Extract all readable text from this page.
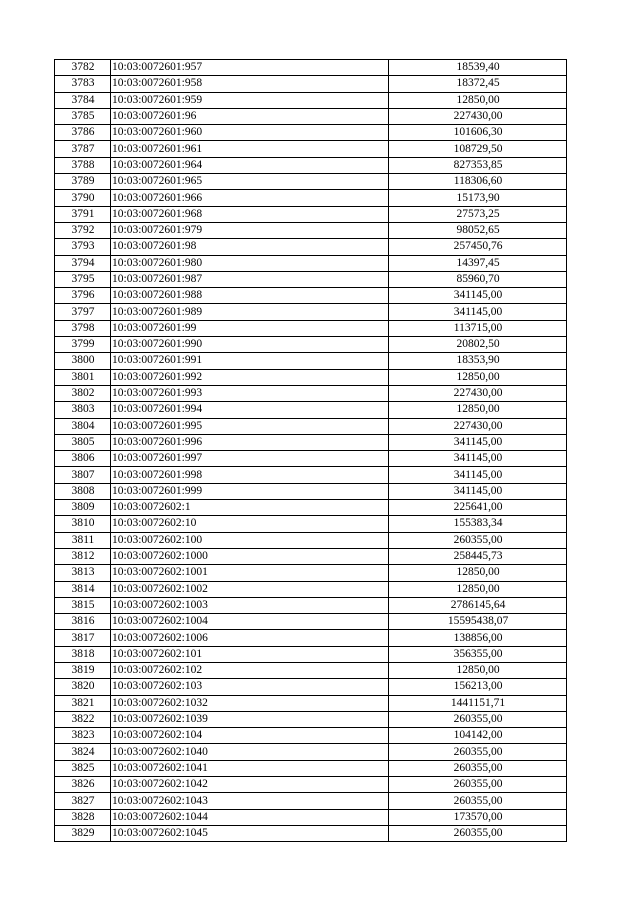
3782	10:03:0072601:957	18539,40
3783	10:03:0072601:958	18372,45
3784	10:03:0072601:959	12850,00
3785	10:03:0072601:96	227430,00
3786	10:03:0072601:960	101606,30
3787	10:03:0072601:961	108729,50
3788	10:03:0072601:964	827353,85
3789	10:03:0072601:965	118306,60
3790	10:03:0072601:966	15173,90
3791	10:03:0072601:968	27573,25
3792	10:03:0072601:979	98052,65
3793	10:03:0072601:98	257450,76
3794	10:03:0072601:980	14397,45
3795	10:03:0072601:987	85960,70
3796	10:03:0072601:988	341145,00
3797	10:03:0072601:989	341145,00
3798	10:03:0072601:99	113715,00
3799	10:03:0072601:990	20802,50
3800	10:03:0072601:991	18353,90
3801	10:03:0072601:992	12850,00
3802	10:03:0072601:993	227430,00
3803	10:03:0072601:994	12850,00
3804	10:03:0072601:995	227430,00
3805	10:03:0072601:996	341145,00
3806	10:03:0072601:997	341145,00
3807	10:03:0072601:998	341145,00
3808	10:03:0072601:999	341145,00
3809	10:03:0072602:1	225641,00
3810	10:03:0072602:10	155383,34
3811	10:03:0072602:100	260355,00
3812	10:03:0072602:1000	258445,73
3813	10:03:0072602:1001	12850,00
3814	10:03:0072602:1002	12850,00
3815	10:03:0072602:1003	2786145,64
3816	10:03:0072602:1004	15595438,07
3817	10:03:0072602:1006	138856,00
3818	10:03:0072602:101	356355,00
3819	10:03:0072602:102	12850,00
3820	10:03:0072602:103	156213,00
3821	10:03:0072602:1032	1441151,71
3822	10:03:0072602:1039	260355,00
3823	10:03:0072602:104	104142,00
3824	10:03:0072602:1040	260355,00
3825	10:03:0072602:1041	260355,00
3826	10:03:0072602:1042	260355,00
3827	10:03:0072602:1043	260355,00
3828	10:03:0072602:1044	173570,00
3829	10:03:0072602:1045	260355,00
